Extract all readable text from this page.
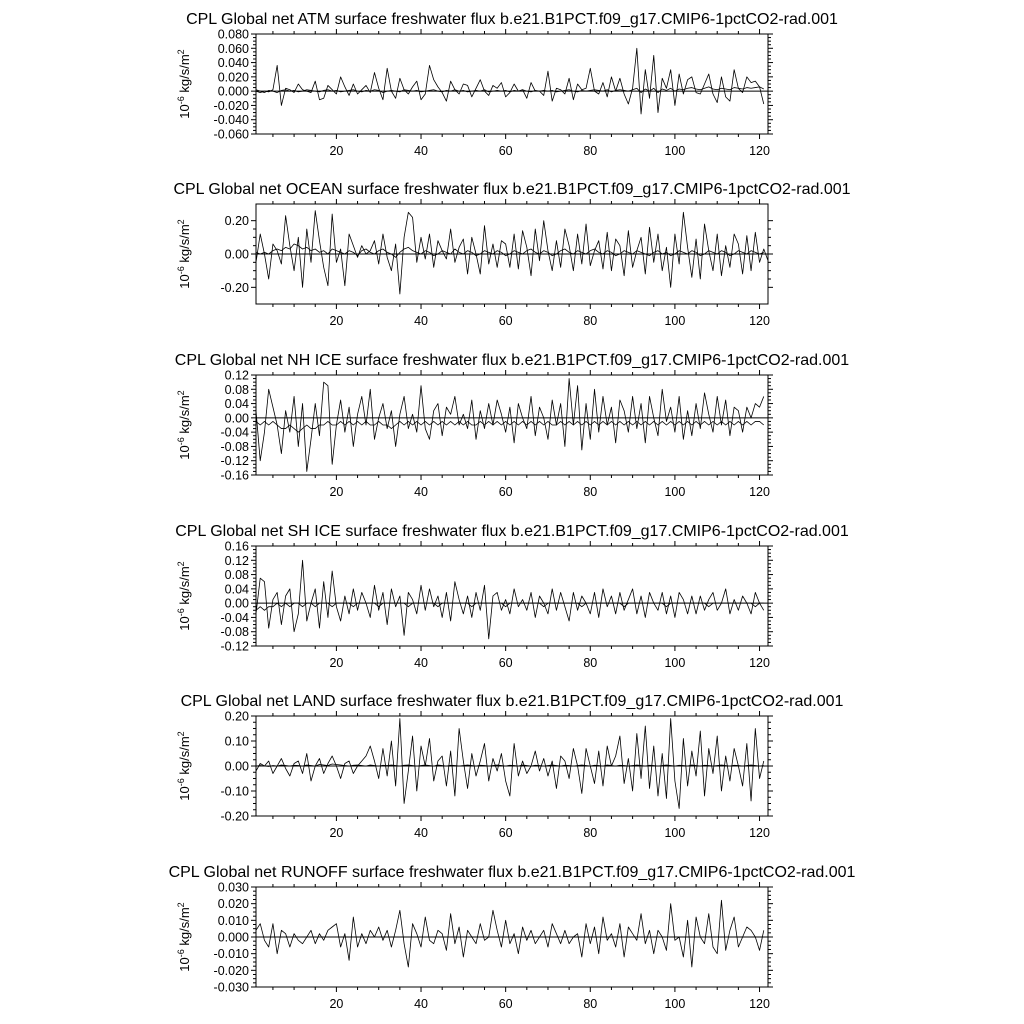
CPL Global net ATM surface freshwater flux b.e21.B1PCT.f09_g17.CMIP6-1pctCO2-rad.001
-0.060
-0.040
-0.020
0.000
0.020
0.040
0.060
0.080
20	40	60	80	100	120
$10^{-6}$ $kg/s/m^2$
CPL Global net OCEAN surface freshwater flux b.e21.B1PCT.f09_g17.CMIP6-1pctCO2-rad.001
-0.20
0.00
0.20
20	40	60	80	100	120
$10^{-6}$ $kg/s/m^2$
CPL Global net NH ICE surface freshwater flux b.e21.B1PCT.f09_g17.CMIP6-1pctCO2-rad.001
-0.16
-0.12
-0.08
-0.04
0.00
0.04
0.08
0.12
20	40	60	80	100	120
$10^{-6}$ $kg/s/m^2$
CPL Global net SH ICE surface freshwater flux b.e21.B1PCT.f09_g17.CMIP6-1pctCO2-rad.001
-0.12
-0.08
-0.04
0.00
0.04
0.08
0.12
0.16
20	40	60	80	100	120
$10^{-6}$ $kg/s/m^2$
CPL Global net LAND surface freshwater flux b.e21.B1PCT.f09_g17.CMIP6-1pctCO2-rad.001
-0.20
-0.10
0.00
0.10
0.20
20	40	60	80	100	120
$10^{-6}$ $kg/s/m^2$
CPL Global net RUNOFF surface freshwater flux b.e21.B1PCT.f09_g17.CMIP6-1pctCO2-rad.001
-0.030
-0.020
-0.010
0.000
0.010
0.020
0.030
20	40	60	80	100	120
$10^{-6}$ $kg/s/m^2$
